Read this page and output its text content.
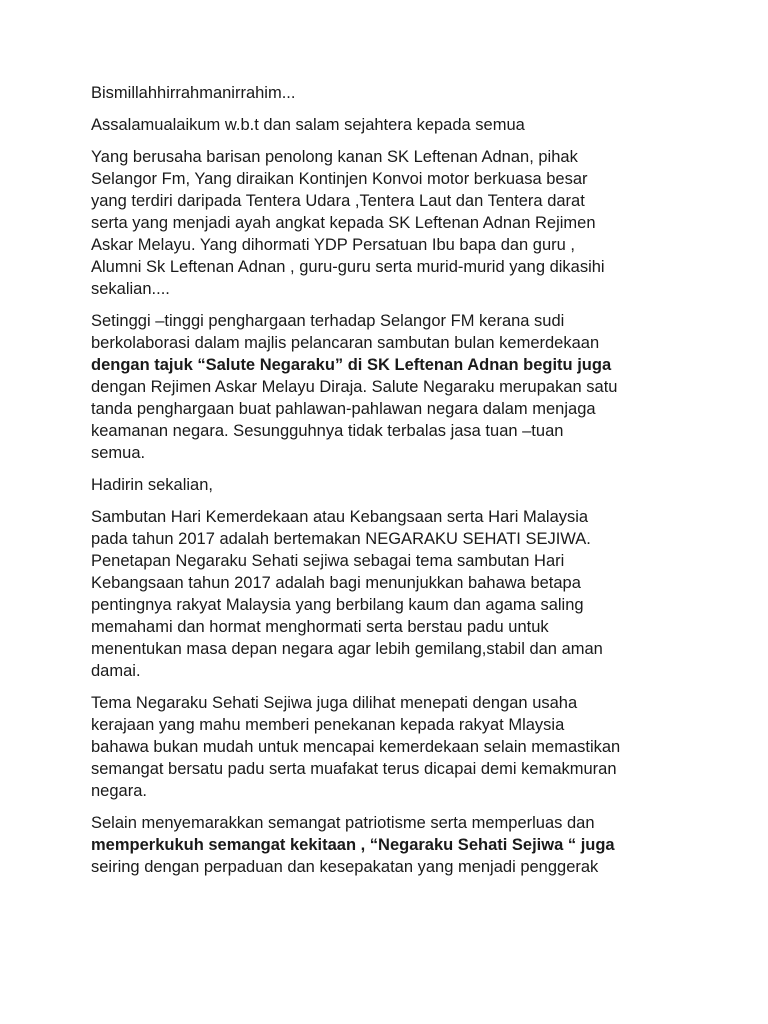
Bismillahhirrahmanirrahim...

Assalamualaikum w.b.t dan salam sejahtera kepada semua

Yang berusaha barisan penolong kanan SK Leftenan Adnan, pihak
Selangor Fm, Yang diraikan Kontinjen Konvoi motor berkuasa besar
yang terdiri daripada Tentera Udara ,Tentera Laut dan Tentera darat
serta yang menjadi ayah angkat kepada SK Leftenan Adnan Rejimen
Askar Melayu. Yang dihormati YDP Persatuan Ibu bapa dan guru ,
Alumni Sk Leftenan Adnan , guru-guru serta murid-murid yang dikasihi
sekalian....

Setinggi –tinggi penghargaan terhadap Selangor FM kerana sudi
berkolaborasi dalam majlis pelancaran sambutan bulan kemerdekaan
dengan tajuk “Salute Negaraku” di SK Leftenan Adnan begitu juga
dengan Rejimen Askar Melayu Diraja. Salute Negaraku merupakan satu
tanda penghargaan buat pahlawan-pahlawan negara dalam menjaga
keamanan negara. Sesungguhnya tidak terbalas jasa tuan –tuan
semua.

Hadirin sekalian,

Sambutan Hari Kemerdekaan atau Kebangsaan serta Hari Malaysia
pada tahun 2017 adalah bertemakan NEGARAKU SEHATI SEJIWA.
Penetapan Negaraku Sehati sejiwa sebagai tema sambutan Hari
Kebangsaan tahun 2017 adalah bagi menunjukkan bahawa betapa
pentingnya rakyat Malaysia yang berbilang kaum dan agama saling
memahami dan hormat menghormati serta berstau padu untuk
menentukan masa depan negara agar lebih gemilang,stabil dan aman
damai.

Tema Negaraku Sehati Sejiwa juga dilihat menepati dengan usaha
kerajaan yang mahu memberi penekanan kepada rakyat Mlaysia
bahawa bukan mudah untuk mencapai kemerdekaan selain memastikan
semangat bersatu padu serta muafakat terus dicapai demi kemakmuran
negara.

Selain menyemarakkan semangat patriotisme serta memperluas dan
memperkukuh semangat kekitaan , “Negaraku Sehati Sejiwa “ juga
seiring dengan perpaduan dan kesepakatan yang menjadi penggerak
